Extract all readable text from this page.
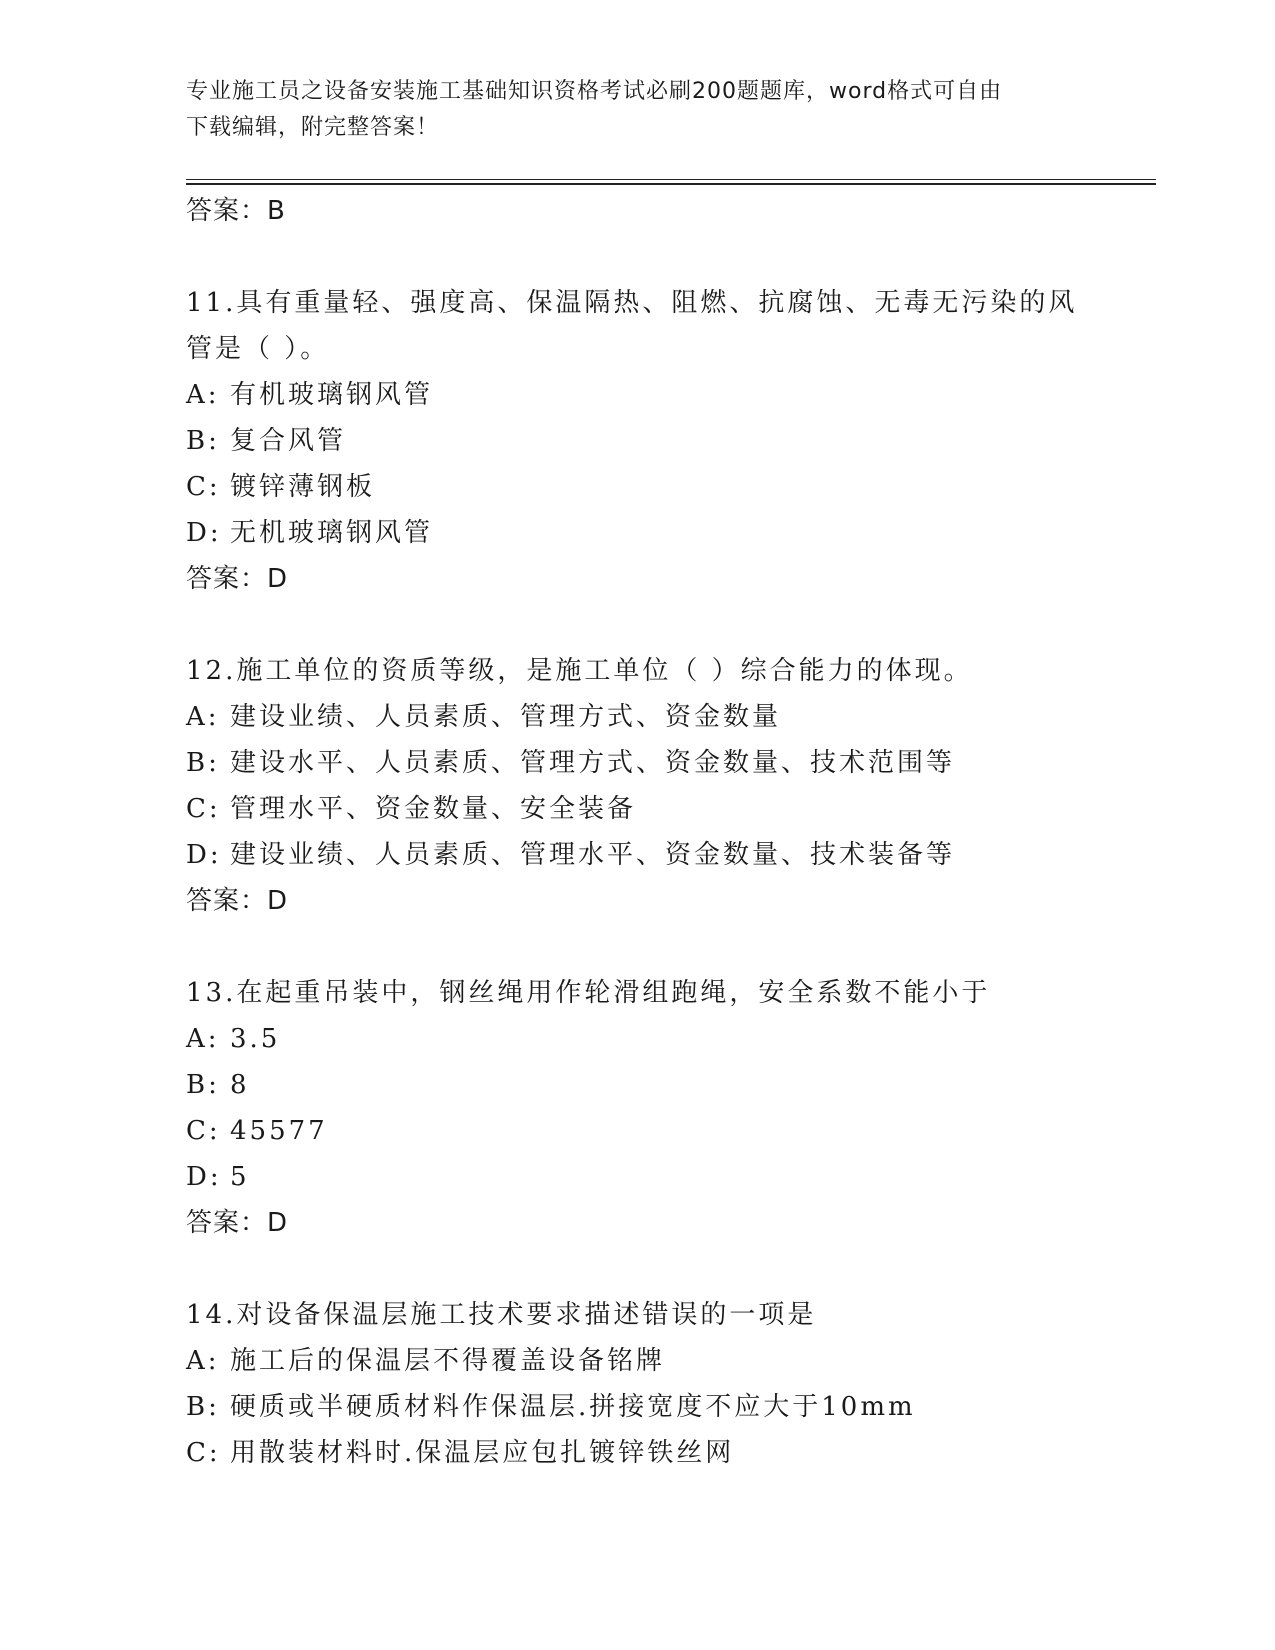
专业施工员之设备安装施工基础知识资格考试必刷200题题库，word格式可自由
下载编辑，附完整答案！
答案：B

11.具有重量轻、强度高、保温隔热、阻燃、抗腐蚀、无毒无污染的风管是（ ）。

A: 有机玻璃钢风管
B: 复合风管
C: 镀锌薄钢板
D: 无机玻璃钢风管
答案：D

12.施工单位的资质等级，是施工单位（ ）综合能力的体现。

A: 建设业绩、人员素质、管理方式、资金数量
B: 建设水平、人员素质、管理方式、资金数量、技术范围等
C: 管理水平、资金数量、安全装备
D: 建设业绩、人员素质、管理水平、资金数量、技术装备等
答案：D

13.在起重吊装中，钢丝绳用作轮滑组跑绳，安全系数不能小于

A: 3.5
B: 8
C: 45577
D: 5
答案：D

14.对设备保温层施工技术要求描述错误的一项是

A: 施工后的保温层不得覆盖设备铭牌
B: 硬质或半硬质材料作保温层.拼接宽度不应大于10mm
C: 用散装材料时.保温层应包扎镀锌铁丝网
